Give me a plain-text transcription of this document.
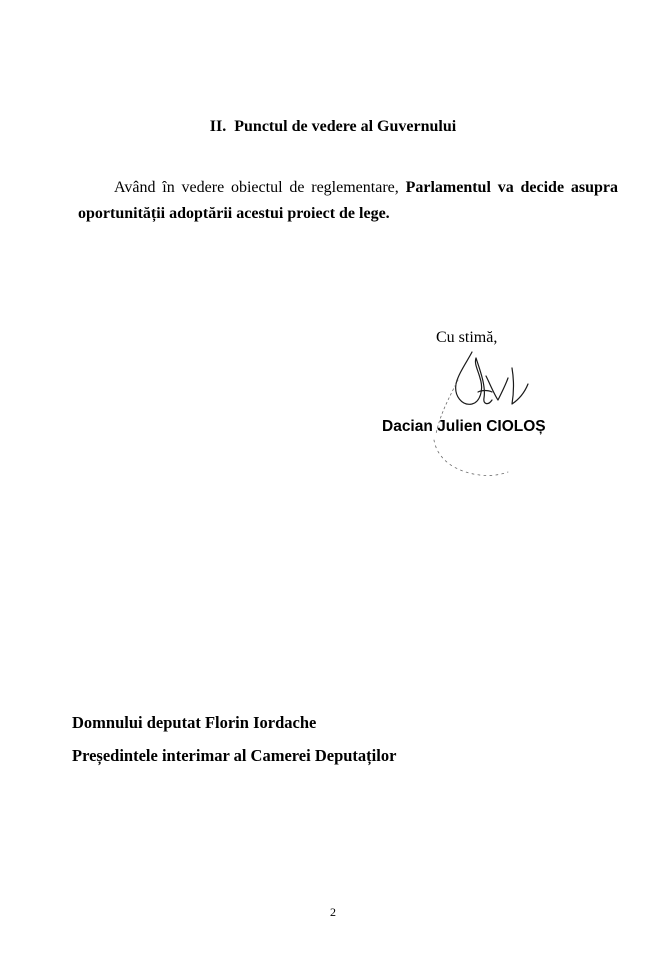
II. Punctul de vedere al Guvernului
Având în vedere obiectul de reglementare, Parlamentul va decide asupra oportunității adoptării acestui proiect de lege.
Cu stimă,
Dacian Julien CIOLOȘ
Domnului deputat Florin Iordache
Președintele interimar al Camerei Deputaților
2
